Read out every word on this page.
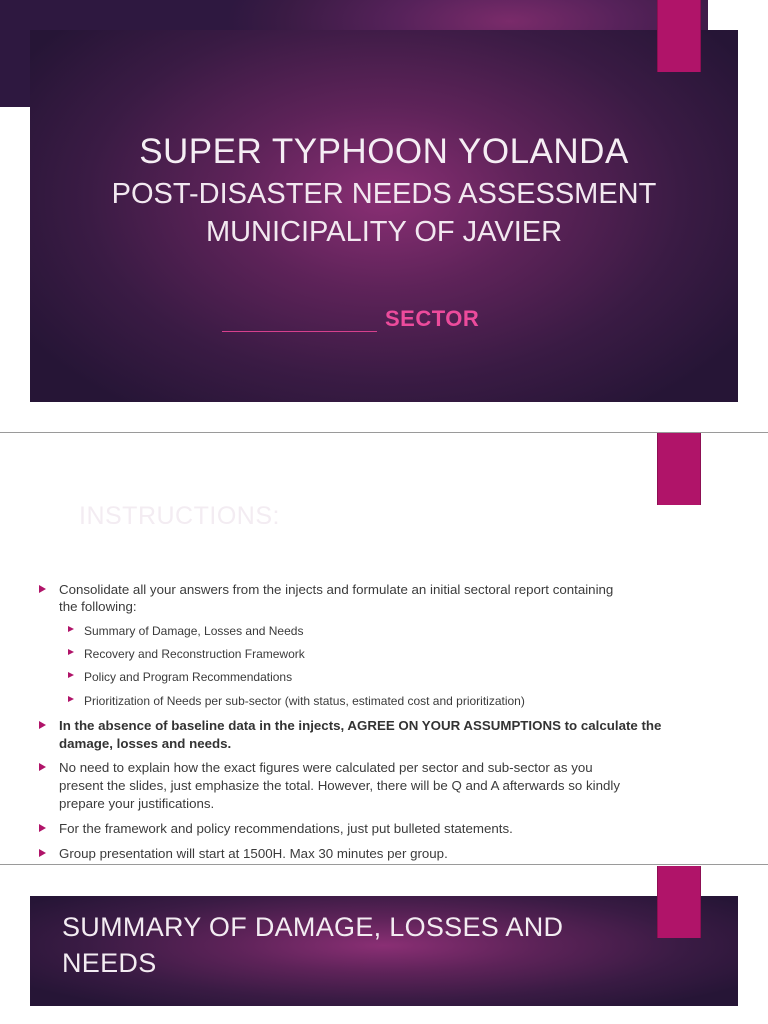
SUPER TYPHOON YOLANDA
POST-DISASTER NEEDS ASSESSMENT
MUNICIPALITY OF JAVIER
SECTOR
INSTRUCTIONS:
Consolidate all your answers from the injects and formulate an initial sectoral report containing
the following:
Summary of Damage, Losses and Needs
Recovery and Reconstruction Framework
Policy and Program Recommendations
Prioritization of Needs per sub-sector (with status, estimated cost and prioritization)
In the absence of baseline data in the injects, AGREE ON YOUR ASSUMPTIONS to calculate the
damage, losses and needs.
No need to explain how the exact figures were calculated per sector and sub-sector as you
present the slides, just emphasize the total. However, there will be Q and A afterwards so kindly
prepare your justifications.
For the framework and policy recommendations, just put bulleted statements.
Group presentation will start at 1500H. Max 30 minutes per group.
SUMMARY OF DAMAGE, LOSSES AND
NEEDS
